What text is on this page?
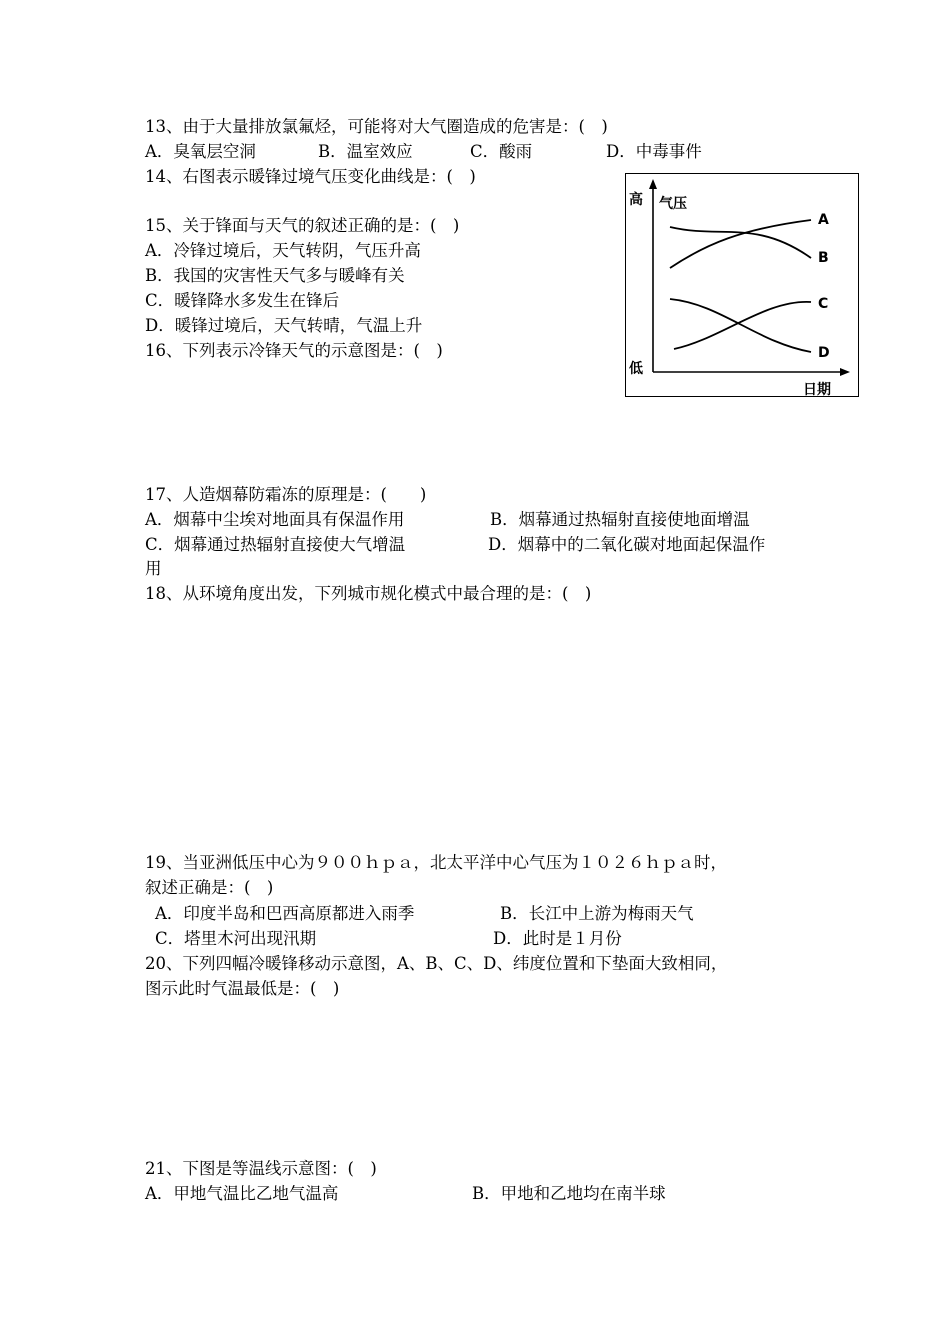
13、由于大量排放氯氟烃，可能将对大气圈造成的危害是：(　)
A．臭氧层空洞	B．温室效应	C．酸雨	D．中毒事件
14、右图表示暖锋过境气压变化曲线是：(　)
15、关于锋面与天气的叙述正确的是：(　)
A．冷锋过境后，天气转阴，气压升高
B．我国的灾害性天气多与暖峰有关
C．暖锋降水多发生在锋后
D．暖锋过境后，天气转晴，气温上升
16、下列表示冷锋天气的示意图是：(　)
高 气压
低
日期
A
B
C
D
17、人造烟幕防霜冻的原理是：(　　)
A．烟幕中尘埃对地面具有保温作用	B．烟幕通过热辐射直接使地面增温
C．烟幕通过热辐射直接使大气增温	D．烟幕中的二氧化碳对地面起保温作
用
18、从环境角度出发，下列城市规化模式中最合理的是：(　)
19、当亚洲低压中心为９００ｈｐａ，北太平洋中心气压为１０２６ｈｐａ时，
叙述正确是：(　)
A．印度半岛和巴西高原都进入雨季	B．长江中上游为梅雨天气
C．塔里木河出现汛期	D．此时是１月份
20、下列四幅冷暖锋移动示意图，A、B、C、D、纬度位置和下垫面大致相同，
图示此时气温最低是：(　)
21、下图是等温线示意图：(　)
A．甲地气温比乙地气温高	B．甲地和乙地均在南半球
